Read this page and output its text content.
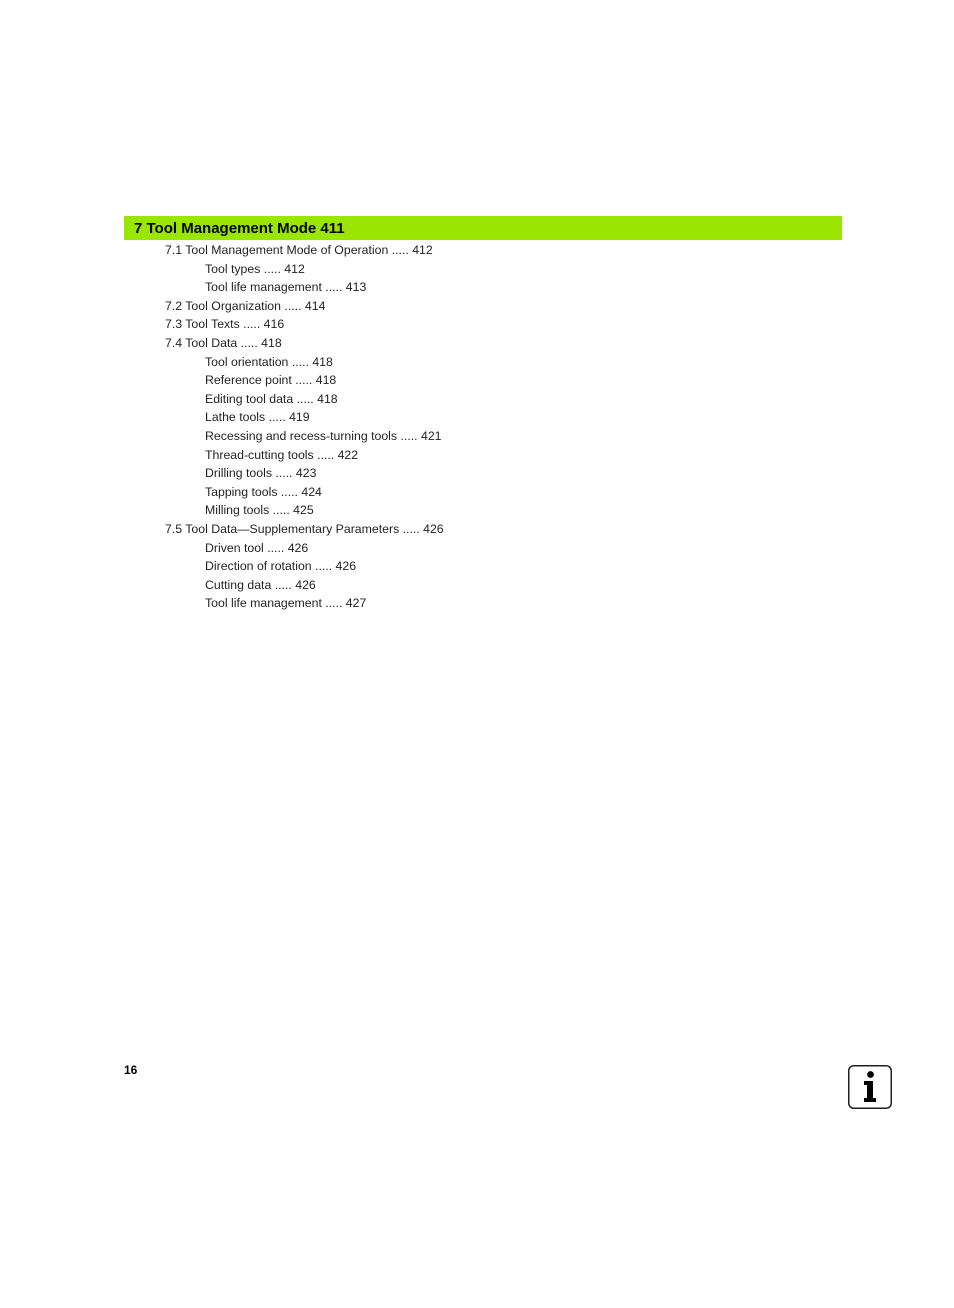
7 Tool Management Mode 411
7.1 Tool Management Mode of Operation ..... 412
Tool types ..... 412
Tool life management ..... 413
7.2 Tool Organization ..... 414
7.3 Tool Texts ..... 416
7.4 Tool Data ..... 418
Tool orientation ..... 418
Reference point ..... 418
Editing tool data ..... 418
Lathe tools ..... 419
Recessing and recess-turning tools ..... 421
Thread-cutting tools ..... 422
Drilling tools ..... 423
Tapping tools ..... 424
Milling tools ..... 425
7.5 Tool Data—Supplementary Parameters ..... 426
Driven tool ..... 426
Direction of rotation ..... 426
Cutting data ..... 426
Tool life management ..... 427
16
